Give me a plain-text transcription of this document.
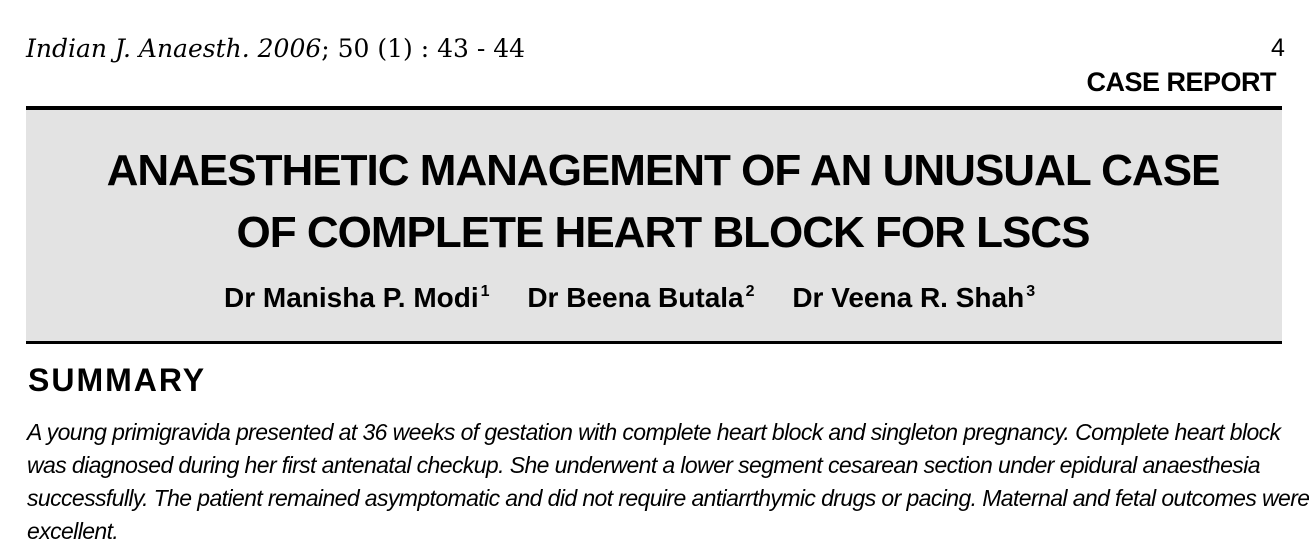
Indian J. Anaesth. 2006; 50 (1) : 43 - 44	4
CASE REPORT
ANAESTHETIC MANAGEMENT OF AN UNUSUAL CASE
OF COMPLETE HEART BLOCK FOR LSCS
Dr Manisha P. Modi $^1$ Dr Beena Butala $^2$ Dr Veena R. Shah $^3$
SUMMARY
A young primigravida presented at 36 weeks of gestation with complete heart block and singleton pregnancy. Complete heart block
was diagnosed during her first antenatal checkup. She underwent a lower segment cesarean section under epidural anaesthesia
successfully. The patient remained asymptomatic and did not require antiarrthymic drugs or pacing. Maternal and fetal outcomes were
excellent.
